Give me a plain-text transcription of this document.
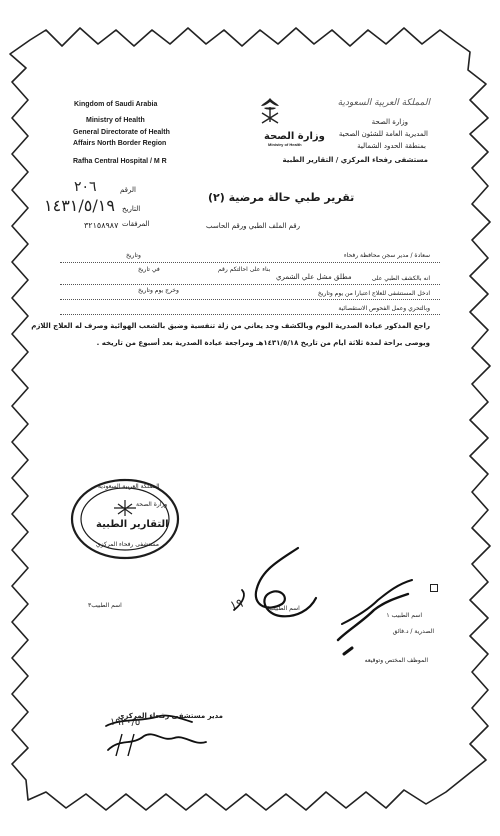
Kingdom of Saudi Arabia
Ministry of Health
General Directorate of Health
Affairs North Border Region
Rafha Central Hospital / M R
وزارة الصحة
Ministry of Health
المملكة العربية السعودية
وزارة الصحة
المديرية العامة للشئون الصحية
بمنطقة الحدود الشمالية
مستشفى رفحاء المركزي / التقارير الطبية
تقرير طبي حالة مرضية (٢)
الرقم
٢٠٦
التاريخ
١٤٣١/٥/١٩
المرفقات
٣٢١٥٨٩٨٧	رقم الملف الطبي ورقم الحاسب
سعادة / مدير سجن محافظة رفحاء
وتاريخ
بناء على احالتكم رقم
انه بالكشف الطبي على
مطلق مشل علي الشمري
في تاريخ
ادخل المستشفى للعلاج اعتبارا من يوم وتاريخ
وخرج يوم وتاريخ
وبالتحري وعمل الفحوص الاستقصائية
راجع المذكور عيادة الصدرية اليوم وبالكشف وجد يعاني من زلة تنفسية وضيق بالشعب الهوائية وصرف له العلاج اللازم
ويوصى براحة لمدة ثلاثة ايام من تاريخ ١٤٣١/٥/١٨هـ ومراجعة عيادة الصدرية بعد أسبوع من تاريخه .
المملكة العربية السعودية
وزارة الصحة
التقارير الطبية
مستشفى رفحاء المركزي
١٩
١٩٢٠/٥
اسم الطبيب ١
الصدرية / د.فائق
اسم الطبيب٢
اسم الطبيب٣
الموظف المختص وتوقيعه
مدير مستشفى رفحاء المركزي
